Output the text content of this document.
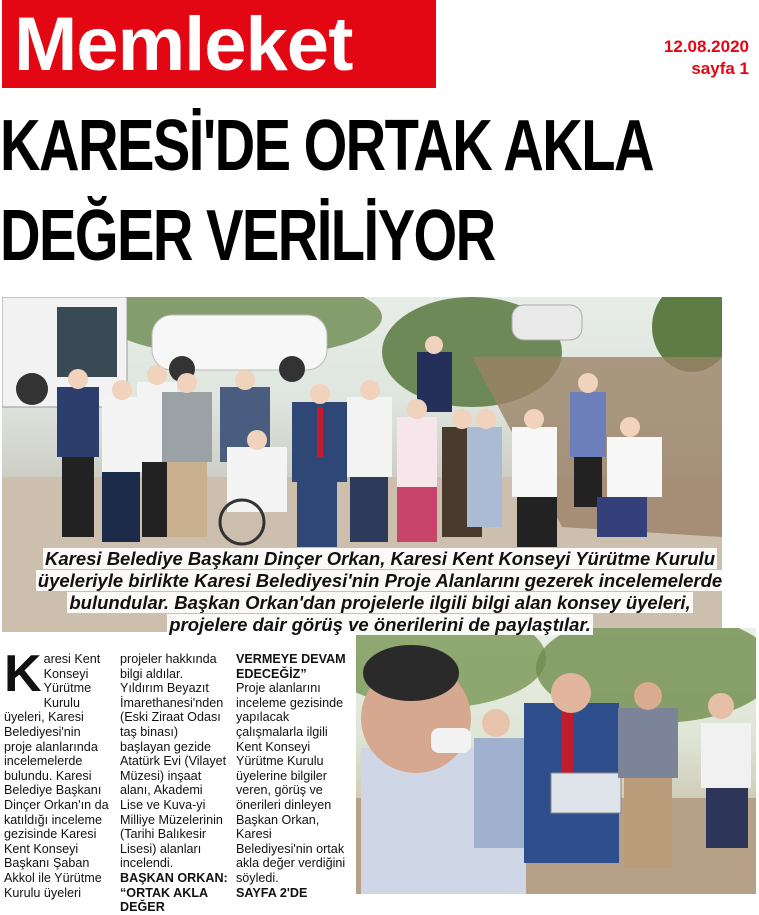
Memleket	12.08.2020
sayfa 1
KARESİ'DE ORTAK AKLA
DEĞER VERİLİYOR
Karesi Belediye Başkanı Dinçer Orkan, Karesi Kent Konseyi Yürütme Kurulu
üyeleriyle birlikte Karesi Belediyesi'nin Proje Alanlarını gezerek incelemelerde
bulundular. Başkan Orkan'dan projelerle ilgili bilgi alan konsey üyeleri,
projelere dair görüş ve önerilerini de paylaştılar.
Karesi Kent Konseyi Yürütme Kurulu üyeleri, Karesi Belediyesi'nin proje alanlarında incelemelerde bulundu. Karesi Belediye Başkanı Dinçer Orkan'ın da katıldığı inceleme gezisinde Karesi Kent Konseyi Başkanı Şaban Akkol ile Yürütme Kurulu üyeleri
projeler hakkında bilgi aldılar. Yıldırım Beyazıt İmarethanesi'nden (Eski Ziraat Odası taş binası) başlayan gezide Atatürk Evi (Vilayet Müzesi) inşaat alanı, Akademi Lise ve Kuva-yi Milliye Müzelerinin (Tarihi Balıkesir Lisesi) alanları incelendi.
BAŞKAN ORKAN: “ORTAK AKLA DEĞER
VERMEYE DEVAM EDECEĞİZ”
Proje alanlarını inceleme gezisinde yapılacak çalışmalarla ilgili Kent Konseyi Yürütme Kurulu üyelerine bilgiler veren, görüş ve önerileri dinleyen Başkan Orkan, Karesi Belediyesi'nin ortak akla değer verdiğini söyledi.
SAYFA 2'DE
